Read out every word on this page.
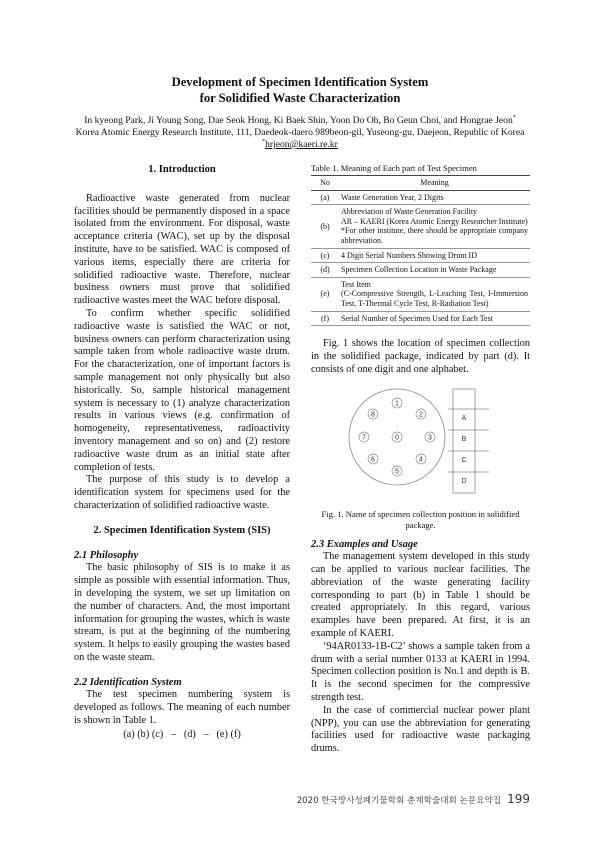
Development of Specimen Identification System
for Solidified Waste Characterization
In kyeong Park, Ji Young Song, Dae Seok Hong, Ki Baek Shin, Yoon Do Oh, Bo Geun Choi, and Hongrae Jeon*
Korea Atomic Energy Research Institute, 111, Daedeok-daero 989beon-gil, Yuseong-gu, Daejeon, Republic of Korea
*hrjeon@kaeri.re.kr
1. Introduction

Radioactive waste generated from nuclear facilities should be permanently disposed in a space isolated from the environment. For disposal, waste acceptance criteria (WAC), set up by the disposal institute, have to be satisfied. WAC is composed of various items, especially there are criteria for solidified radioactive waste. Therefore, nuclear business owners must prove that solidified radioactive wastes meet the WAC before disposal.

To confirm whether specific solidified radioactive waste is satisfied the WAC or not, business owners can perform characterization using sample taken from whole radioactive waste drum. For the characterization, one of important factors is sample management not only physically but also historically. So, sample historical management system is necessary to (1) analyze characterization results in various views (e.g. confirmation of homogeneity, representativeness, radioactivity inventory management and so on) and (2) restore radioactive waste drum as an initial state after completion of tests.

The purpose of this study is to develop a identification system for specimens used for the characterization of solidified radioactive waste.

2. Specimen Identification System (SIS)
2.1 Philosophy

The basic philosophy of SIS is to make it as simple as possible with essential information. Thus, in developing the system, we set up limitation on the number of characters. And, the most important information for grouping the wastes, which is waste stream, is put at the beginning of the numbering system. It helps to easily grouping the wastes based on the waste steam.

2.2 Identification System

The test specimen numbering system is developed as follows. The meaning of each number is shown in Table 1.

(a) (b) (c)   –   (d)   –   (e) (f)
Table 1. Meaning of Each part of Test Specimen
No	Meaning
(a)	Waste Generation Year, 2 Digits

(b)	Abbreviation of Waste Generation Facility
AR – KAERI (Korea Atomic Energy Researcher Institute)
*For other institute, there should be appropriate company abbreviation.

(c)	4 Digit Serial Numbers Showing Drum ID

(d)	Specimen Collection Location in Waste Package

(e)	Test Item
(C-Compressive Strength, L-Leaching Test, I-Immersion Test, T-Thermal Cycle Test, R-Radiation Test)

(f)	Serial Number of Specimen Used for Each Test

Fig. 1 shows the location of specimen collection in the solidified package, indicated by part (d). It consists of one digit and one alphabet.

1
2
3
4
5
6
7
8
0
A
B
C
D
Fig. 1. Name of specimen collection position in solidified package.
2.3 Examples and Usage

The management system developed in this study can be applied to various nuclear facilities. The abbreviation of the waste generating facility corresponding to part (b) in Table 1 should be created appropriately. In this regard, various examples have been prepared. At first, it is an example of KAERI.

‘94AR0133-1B-C2’ shows a sample taken from a drum with a serial number 0133 at KAERI in 1994. Specimen collection position is No.1 and depth is B. It is the second specimen for the compressive strength test.

In the case of commercial nuclear power plant (NPP), you can use the abbreviation for generating facilities used for radioactive waste packaging drums.

2020 한국방사성폐기물학회 춘계학술대회 논문요약집 199
